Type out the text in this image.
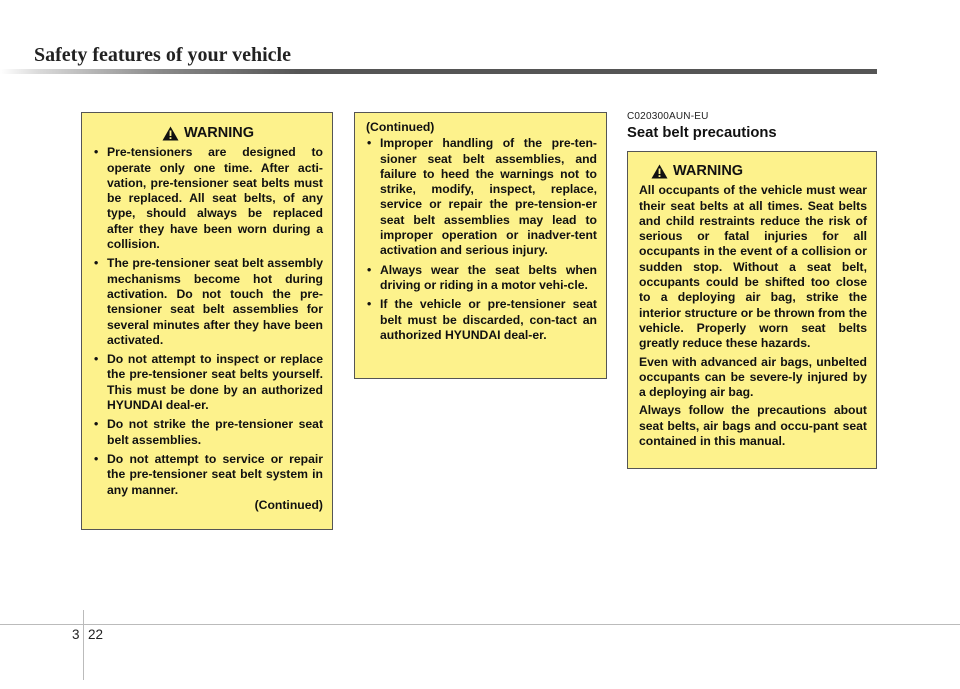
Safety features of your vehicle
WARNING
• Pre-tensioners are designed to operate only one time. After acti-vation, pre-tensioner seat belts must be replaced. All seat belts, of any type, should always be replaced after they have been worn during a collision.
• The pre-tensioner seat belt assembly mechanisms become hot during activation. Do not touch the pre-tensioner seat belt assemblies for several minutes after they have been activated.
• Do not attempt to inspect or replace the pre-tensioner seat belts yourself. This must be done by an authorized HYUNDAI deal-er.
• Do not strike the pre-tensioner seat belt assemblies.
• Do not attempt to service or repair the pre-tensioner seat belt system in any manner.
(Continued)
(Continued)
• Improper handling of the pre-ten-sioner seat belt assemblies, and failure to heed the warnings not to strike, modify, inspect, replace, service or repair the pre-tension-er seat belt assemblies may lead to improper operation or inadver-tent activation and serious injury.
• Always wear the seat belts when driving or riding in a motor vehi-cle.
• If the vehicle or pre-tensioner seat belt must be discarded, con-tact an authorized HYUNDAI deal-er.
C020300AUN-EU
Seat belt precautions
WARNING

All occupants of the vehicle must wear their seat belts at all times. Seat belts and child restraints reduce the risk of serious or fatal injuries for all occupants in the event of a collision or sudden stop. Without a seat belt, occupants could be shifted too close to a deploying air bag, strike the interior structure or be thrown from the vehicle. Properly worn seat belts greatly reduce these hazards.

Even with advanced air bags, unbelted occupants can be severe-ly injured by a deploying air bag.

Always follow the precautions about seat belts, air bags and occu-pant seat contained in this manual.

3 22
